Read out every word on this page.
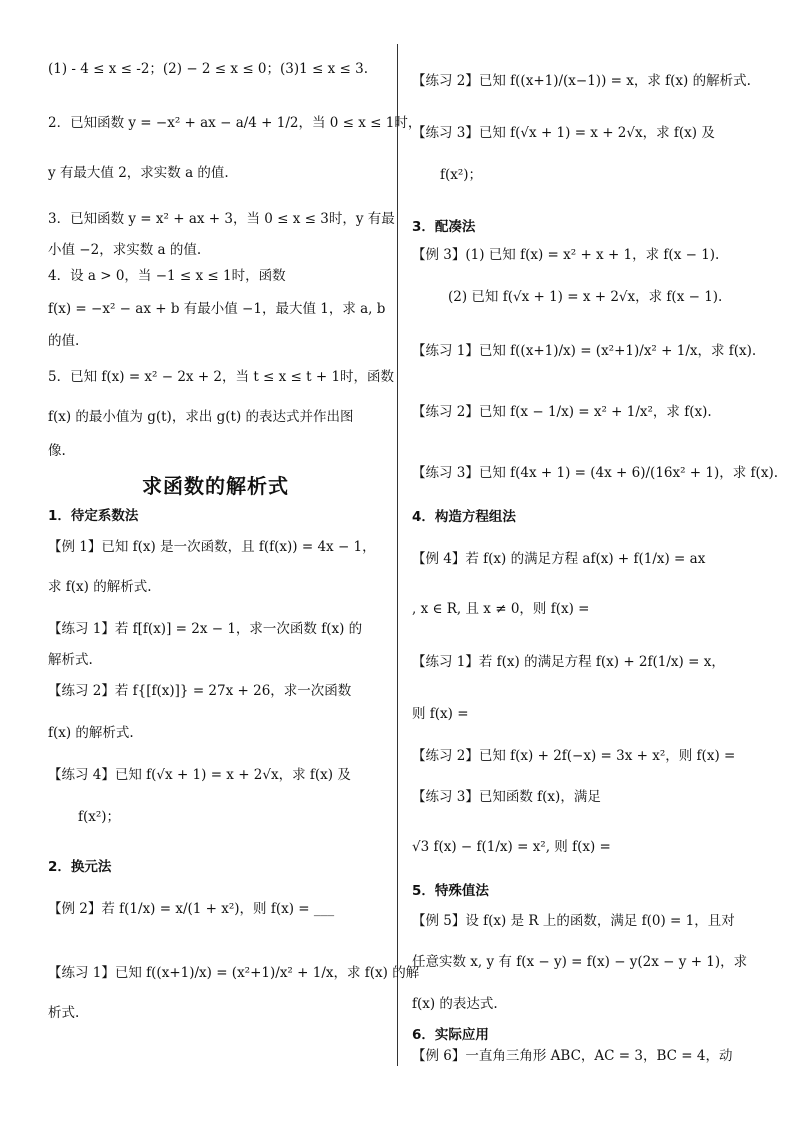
(1) - 4 ≤ x ≤ -2；(2) − 2 ≤ x ≤ 0；(3)1 ≤ x ≤ 3.
2．已知函数 y = −x² + ax − a/4 + 1/2，当 0 ≤ x ≤ 1时，
y 有最大值 2，求实数 a 的值.
3．已知函数 y = x² + ax + 3，当 0 ≤ x ≤ 3时，y 有最
小值 −2，求实数 a 的值.
4．设 a > 0，当 −1 ≤ x ≤ 1时，函数
f(x) = −x² − ax + b 有最小值 −1，最大值 1，求 a, b
的值.
5．已知 f(x) = x² − 2x + 2，当 t ≤ x ≤ t + 1时，函数
f(x) 的最小值为 g(t)，求出 g(t) 的表达式并作出图
像.
求函数的解析式
1．待定系数法
【例 1】已知 f(x) 是一次函数，且 f(f(x)) = 4x − 1，
求 f(x) 的解析式.
【练习 1】若 f[f(x)] = 2x − 1，求一次函数 f(x) 的
解析式.
【练习 2】若 f{[f(x)]} = 27x + 26，求一次函数
f(x) 的解析式.
【练习 4】已知 f(√x + 1) = x + 2√x，求 f(x) 及
f(x²)；
2．换元法
【例 2】若 f(1/x) = x/(1 + x²)，则 f(x) = ___
【练习 1】已知 f((x+1)/x) = (x²+1)/x² + 1/x，求 f(x) 的解
析式.
【练习 2】已知 f((x+1)/(x−1)) = x，求 f(x) 的解析式.
【练习 3】已知 f(√x + 1) = x + 2√x，求 f(x) 及
f(x²)；
3．配凑法
【例 3】(1) 已知 f(x) = x² + x + 1，求 f(x − 1).
(2) 已知 f(√x + 1) = x + 2√x，求 f(x − 1).
【练习 1】已知 f((x+1)/x) = (x²+1)/x² + 1/x，求 f(x).
【练习 2】已知 f(x − 1/x) = x² + 1/x²，求 f(x).
【练习 3】已知 f(4x + 1) = (4x + 6)/(16x² + 1)，求 f(x).
4．构造方程组法
【例 4】若 f(x) 的满足方程 af(x) + f(1/x) = ax
, x ∈ R, 且 x ≠ 0，则 f(x) =
【练习 1】若 f(x) 的满足方程 f(x) + 2f(1/x) = x，
则 f(x) =
【练习 2】已知 f(x) + 2f(−x) = 3x + x²，则 f(x) =
【练习 3】已知函数 f(x)，满足
√3 f(x) − f(1/x) = x², 则 f(x) =
5．特殊值法
【例 5】设 f(x) 是 R 上的函数，满足 f(0) = 1，且对
任意实数 x, y 有 f(x − y) = f(x) − y(2x − y + 1)，求
f(x) 的表达式.
6．实际应用
【例 6】一直角三角形 ABC，AC = 3，BC = 4，动
